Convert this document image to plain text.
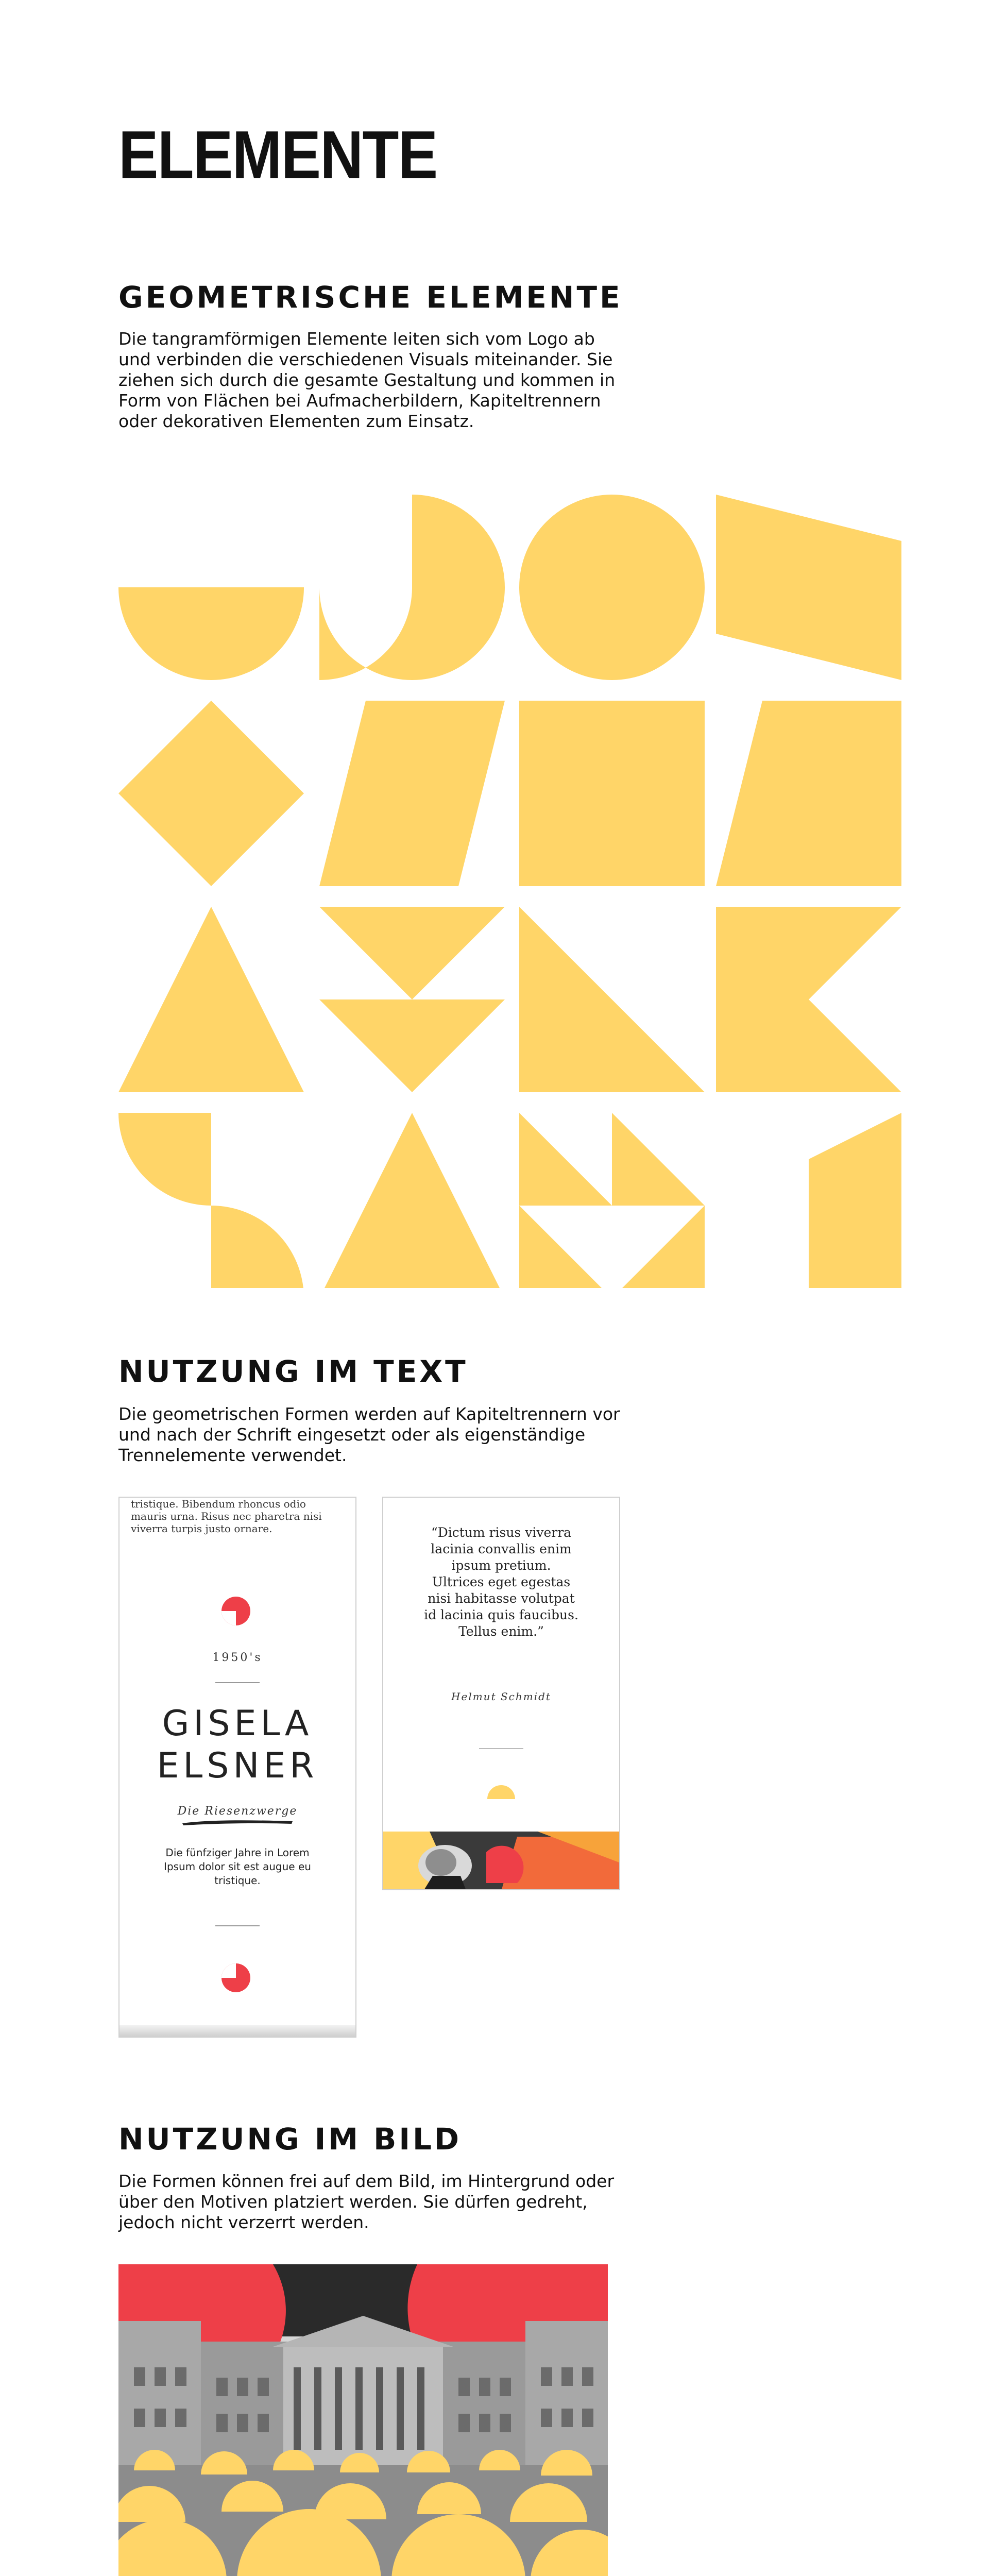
ELEMENTE
GEOMETRISCHE ELEMENTE

Die tangramförmigen Elemente leiten sich vom Logo ab
und verbinden die verschiedenen Visuals miteinander. Sie
ziehen sich durch die gesamte Gestaltung und kommen in
Form von Flächen bei Aufmacherbildern, Kapiteltrennern
oder dekorativen Elementen zum Einsatz.

NUTZUNG IM TEXT

Die geometrischen Formen werden auf Kapiteltrennern vor
und nach der Schrift eingesetzt oder als eigenständige
Trennelemente verwendet.

tristique. Bibendum rhoncus odio
mauris urna. Risus nec pharetra nisi
viverra turpis justo ornare.
1950's
GISELA
ELSNER
Die Riesenzwerge
Die fünfziger Jahre in Lorem
Ipsum dolor sit est augue eu
tristique.
“Dictum risus viverra
lacinia convallis enim
ipsum pretium.
Ultrices eget egestas
nisi habitasse volutpat
id lacinia quis faucibus.
Tellus enim.”
Helmut Schmidt
NUTZUNG IM BILD

Die Formen können frei auf dem Bild, im Hintergrund oder
über den Motiven platziert werden. Sie dürfen gedreht,
jedoch nicht verzerrt werden.
